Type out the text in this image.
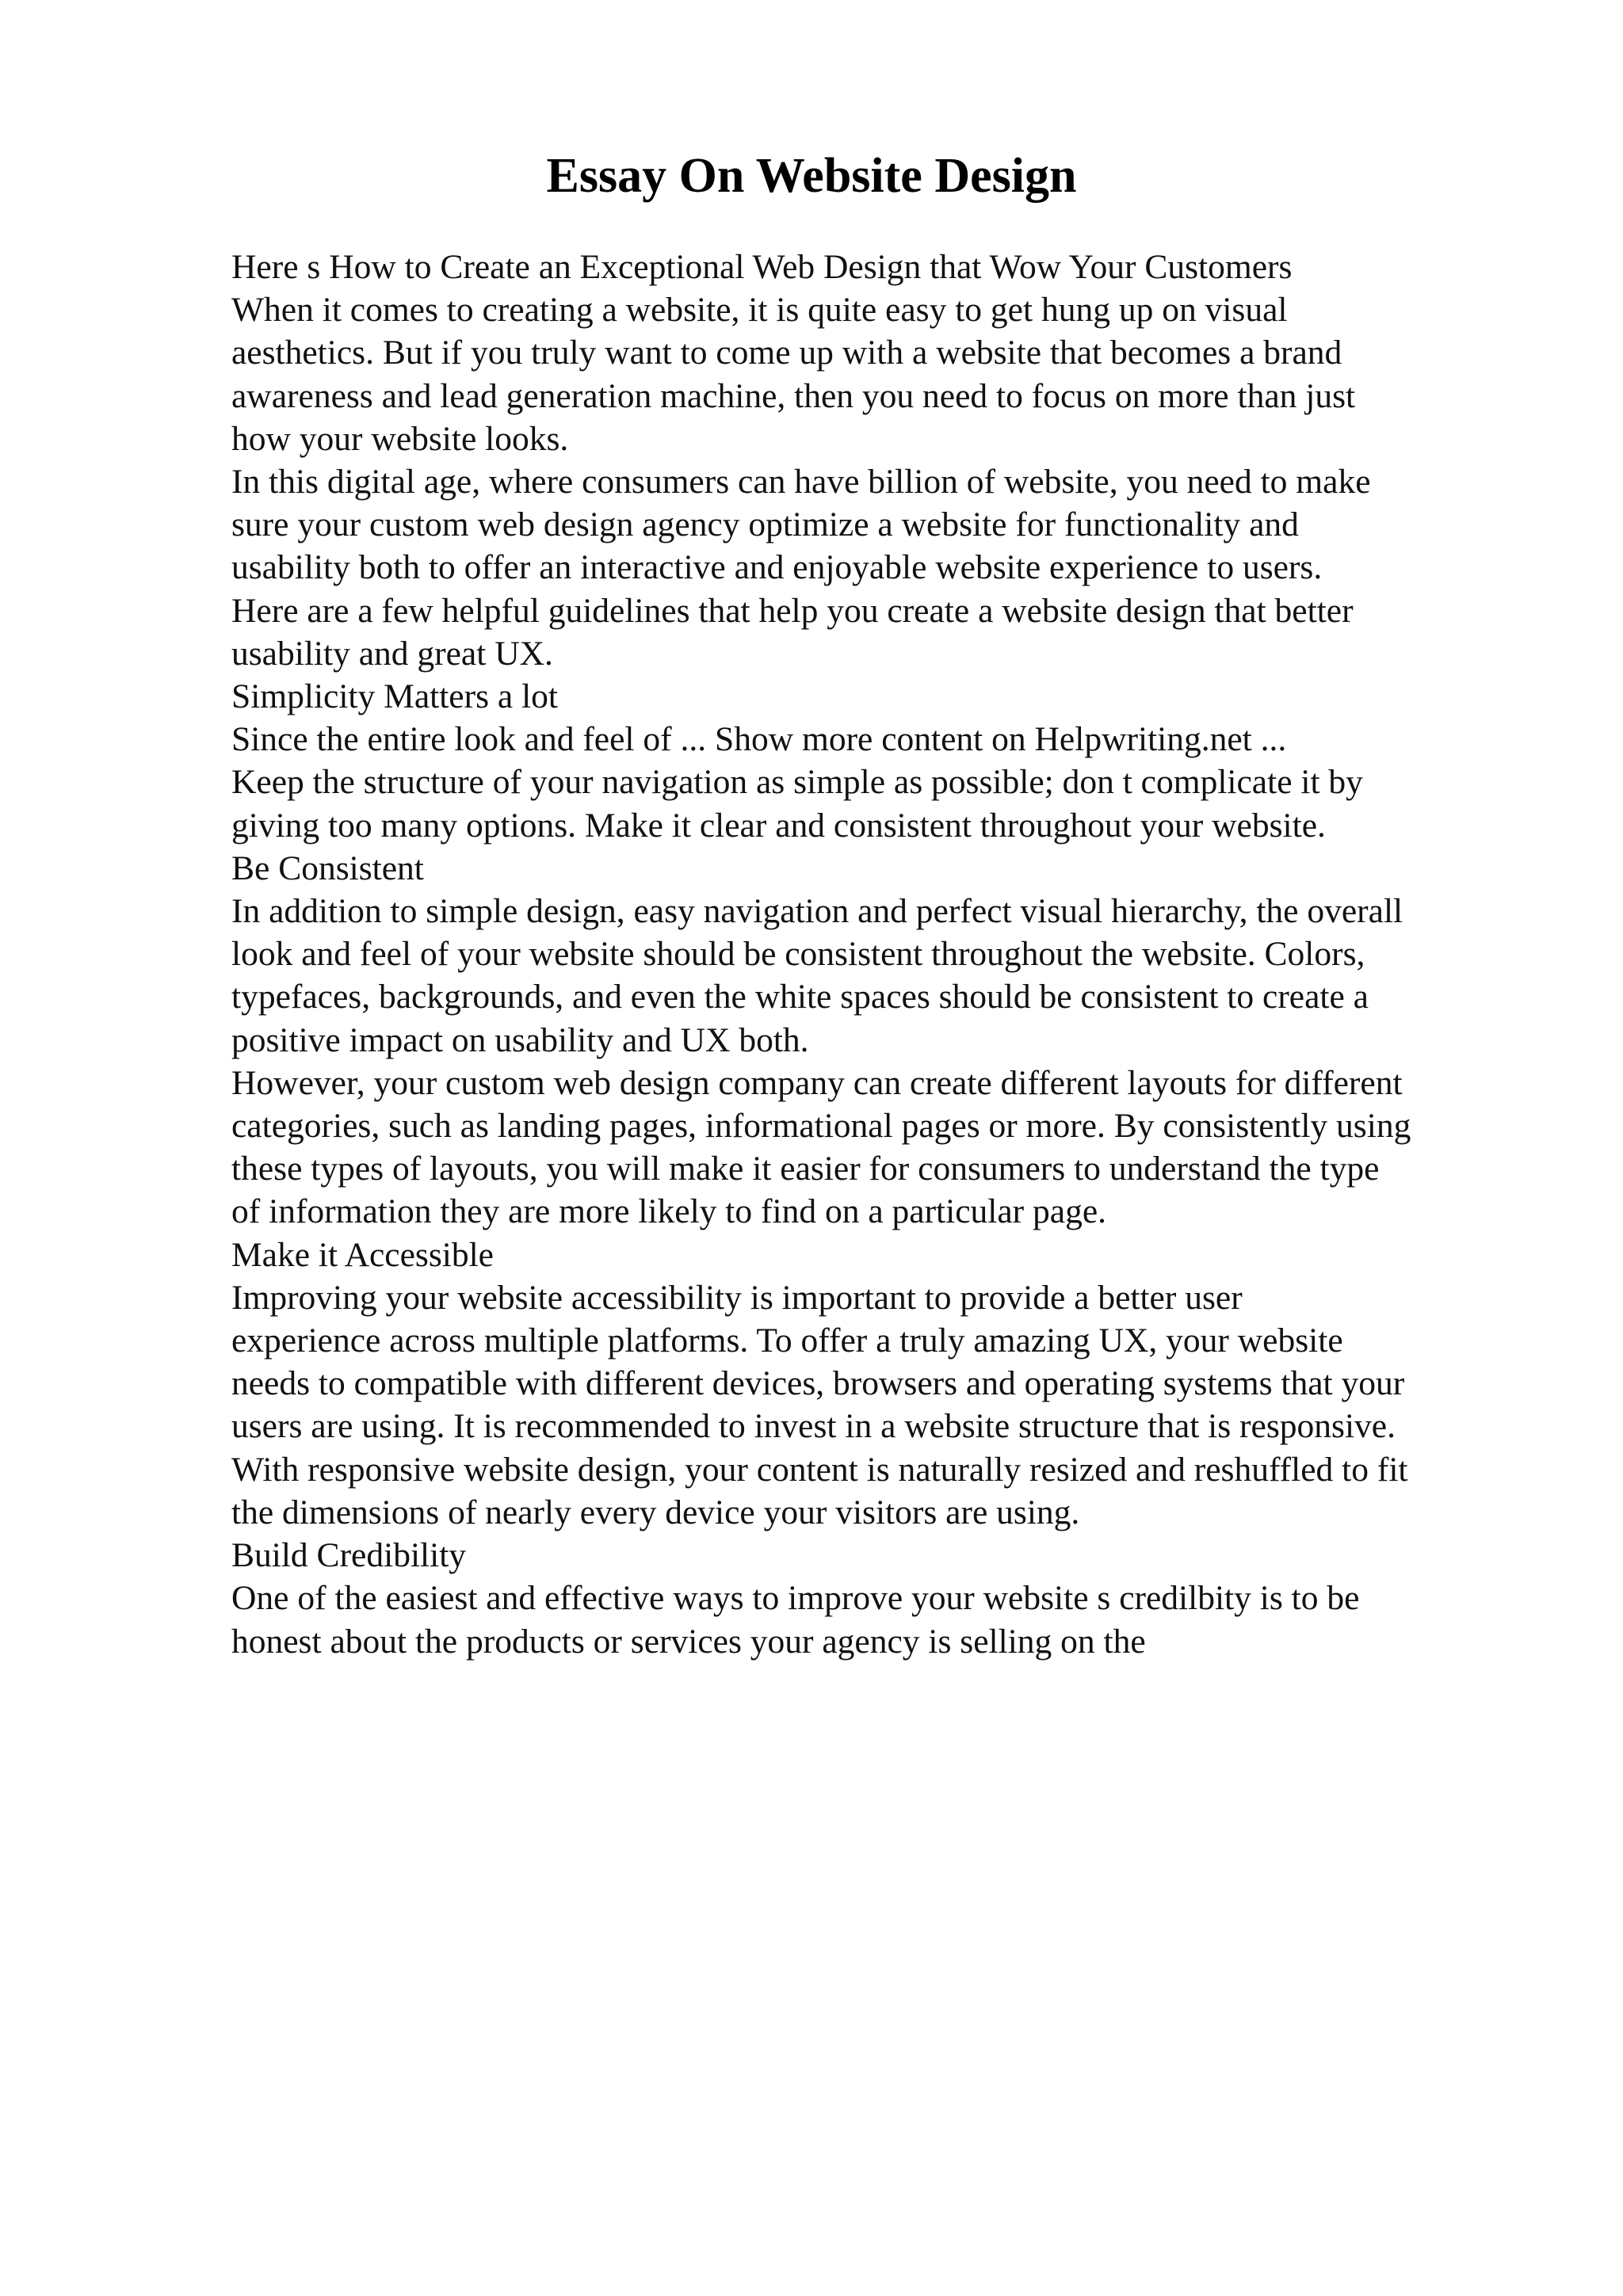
Essay On Website Design
Here s How to Create an Exceptional Web Design that Wow Your Customers
When it comes to creating a website, it is quite easy to get hung up on visual
aesthetics. But if you truly want to come up with a website that becomes a brand
awareness and lead generation machine, then you need to focus on more than just
how your website looks.
In this digital age, where consumers can have billion of website, you need to make
sure your custom web design agency optimize a website for functionality and
usability both to offer an interactive and enjoyable website experience to users.
Here are a few helpful guidelines that help you create a website design that better
usability and great UX.
Simplicity Matters a lot
Since the entire look and feel of ... Show more content on Helpwriting.net ...
Keep the structure of your navigation as simple as possible; don t complicate it by
giving too many options. Make it clear and consistent throughout your website.
Be Consistent
In addition to simple design, easy navigation and perfect visual hierarchy, the overall
look and feel of your website should be consistent throughout the website. Colors,
typefaces, backgrounds, and even the white spaces should be consistent to create a
positive impact on usability and UX both.
However, your custom web design company can create different layouts for different
categories, such as landing pages, informational pages or more. By consistently using
these types of layouts, you will make it easier for consumers to understand the type
of information they are more likely to find on a particular page.
Make it Accessible
Improving your website accessibility is important to provide a better user
experience across multiple platforms. To offer a truly amazing UX, your website
needs to compatible with different devices, browsers and operating systems that your
users are using. It is recommended to invest in a website structure that is responsive.
With responsive website design, your content is naturally resized and reshuffled to fit
the dimensions of nearly every device your visitors are using.
Build Credibility
One of the easiest and effective ways to improve your website s credilbity is to be
honest about the products or services your agency is selling on the
